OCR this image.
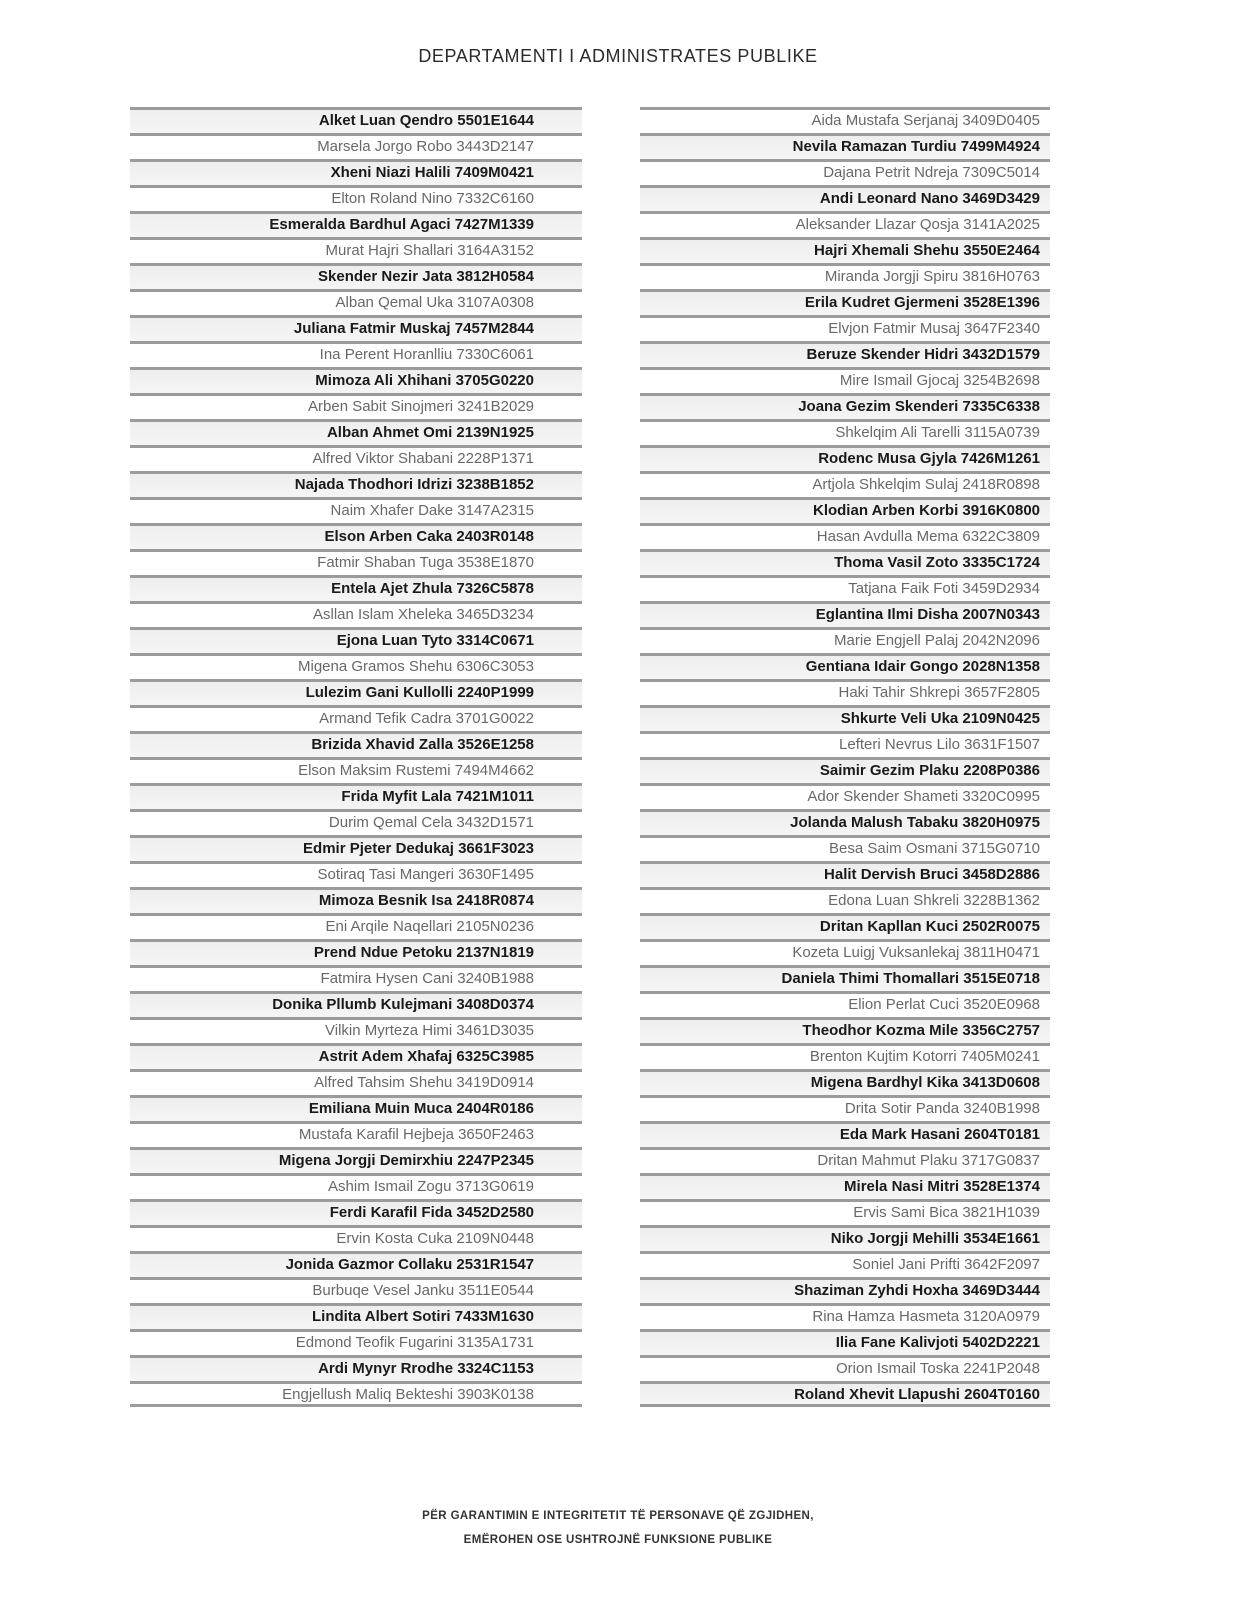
DEPARTAMENTI I ADMINISTRATES PUBLIKE
Alket Luan Qendro 5501E1644
Marsela Jorgo Robo 3443D2147
Xheni Niazi Halili 7409M0421
Elton Roland Nino 7332C6160
Esmeralda Bardhul Agaci 7427M1339
Murat Hajri Shallari 3164A3152
Skender Nezir Jata 3812H0584
Alban Qemal Uka 3107A0308
Juliana Fatmir Muskaj 7457M2844
Ina Perent Horanlliu 7330C6061
Mimoza Ali Xhihani 3705G0220
Arben Sabit Sinojmeri 3241B2029
Alban Ahmet Omi 2139N1925
Alfred Viktor Shabani 2228P1371
Najada Thodhori Idrizi 3238B1852
Naim Xhafer Dake 3147A2315
Elson Arben Caka 2403R0148
Fatmir Shaban Tuga 3538E1870
Entela Ajet Zhula 7326C5878
Asllan Islam Xheleka 3465D3234
Ejona Luan Tyto 3314C0671
Migena Gramos Shehu 6306C3053
Lulezim Gani Kullolli 2240P1999
Armand Tefik Cadra 3701G0022
Brizida Xhavid Zalla 3526E1258
Elson Maksim Rustemi 7494M4662
Frida Myfit Lala 7421M1011
Durim Qemal Cela 3432D1571
Edmir Pjeter Dedukaj 3661F3023
Sotiraq Tasi Mangeri 3630F1495
Mimoza Besnik Isa 2418R0874
Eni Arqile Naqellari 2105N0236
Prend Ndue Petoku 2137N1819
Fatmira Hysen Cani 3240B1988
Donika Pllumb Kulejmani 3408D0374
Vilkin Myrteza Himi 3461D3035
Astrit Adem Xhafaj 6325C3985
Alfred Tahsim Shehu 3419D0914
Emiliana Muin Muca 2404R0186
Mustafa Karafil Hejbeja 3650F2463
Migena Jorgji Demirxhiu 2247P2345
Ashim Ismail Zogu 3713G0619
Ferdi Karafil Fida 3452D2580
Ervin Kosta Cuka 2109N0448
Jonida Gazmor Collaku 2531R1547
Burbuqe Vesel Janku 3511E0544
Lindita Albert Sotiri 7433M1630
Edmond Teofik Fugarini 3135A1731
Ardi Mynyr Rrodhe 3324C1153
Engjellush Maliq Bekteshi 3903K0138
Aida Mustafa Serjanaj 3409D0405
Nevila Ramazan Turdiu 7499M4924
Dajana Petrit Ndreja 7309C5014
Andi Leonard Nano 3469D3429
Aleksander Llazar Qosja 3141A2025
Hajri Xhemali Shehu 3550E2464
Miranda Jorgji Spiru 3816H0763
Erila Kudret Gjermeni 3528E1396
Elvjon Fatmir Musaj 3647F2340
Beruze Skender Hidri 3432D1579
Mire Ismail Gjocaj 3254B2698
Joana Gezim Skenderi 7335C6338
Shkelqim Ali Tarelli 3115A0739
Rodenc Musa Gjyla 7426M1261
Artjola Shkelqim Sulaj 2418R0898
Klodian Arben Korbi 3916K0800
Hasan Avdulla Mema 6322C3809
Thoma Vasil Zoto 3335C1724
Tatjana Faik Foti 3459D2934
Eglantina Ilmi Disha 2007N0343
Marie Engjell Palaj 2042N2096
Gentiana Idair Gongo 2028N1358
Haki Tahir Shkrepi 3657F2805
Shkurte Veli Uka 2109N0425
Lefteri Nevrus Lilo 3631F1507
Saimir Gezim Plaku 2208P0386
Ador Skender Shameti 3320C0995
Jolanda Malush Tabaku 3820H0975
Besa Saim Osmani 3715G0710
Halit Dervish Bruci 3458D2886
Edona Luan Shkreli 3228B1362
Dritan Kapllan Kuci 2502R0075
Kozeta Luigj Vuksanlekaj 3811H0471
Daniela Thimi Thomallari 3515E0718
Elion Perlat Cuci 3520E0968
Theodhor Kozma Mile 3356C2757
Brenton Kujtim Kotorri 7405M0241
Migena Bardhyl Kika 3413D0608
Drita Sotir Panda 3240B1998
Eda Mark Hasani 2604T0181
Dritan Mahmut Plaku 3717G0837
Mirela Nasi Mitri 3528E1374
Ervis Sami Bica 3821H1039
Niko Jorgji Mehilli 3534E1661
Soniel Jani Prifti 3642F2097
Shaziman Zyhdi Hoxha 3469D3444
Rina Hamza Hasmeta 3120A0979
Ilia Fane Kalivjoti 5402D2221
Orion Ismail Toska 2241P2048
Roland Xhevit Llapushi 2604T0160
PËR GARANTIMIN E INTEGRITETIT TË PERSONAVE QË ZGJIDHEN,
EMËROHEN OSE USHTROJNË FUNKSIONE PUBLIKE
